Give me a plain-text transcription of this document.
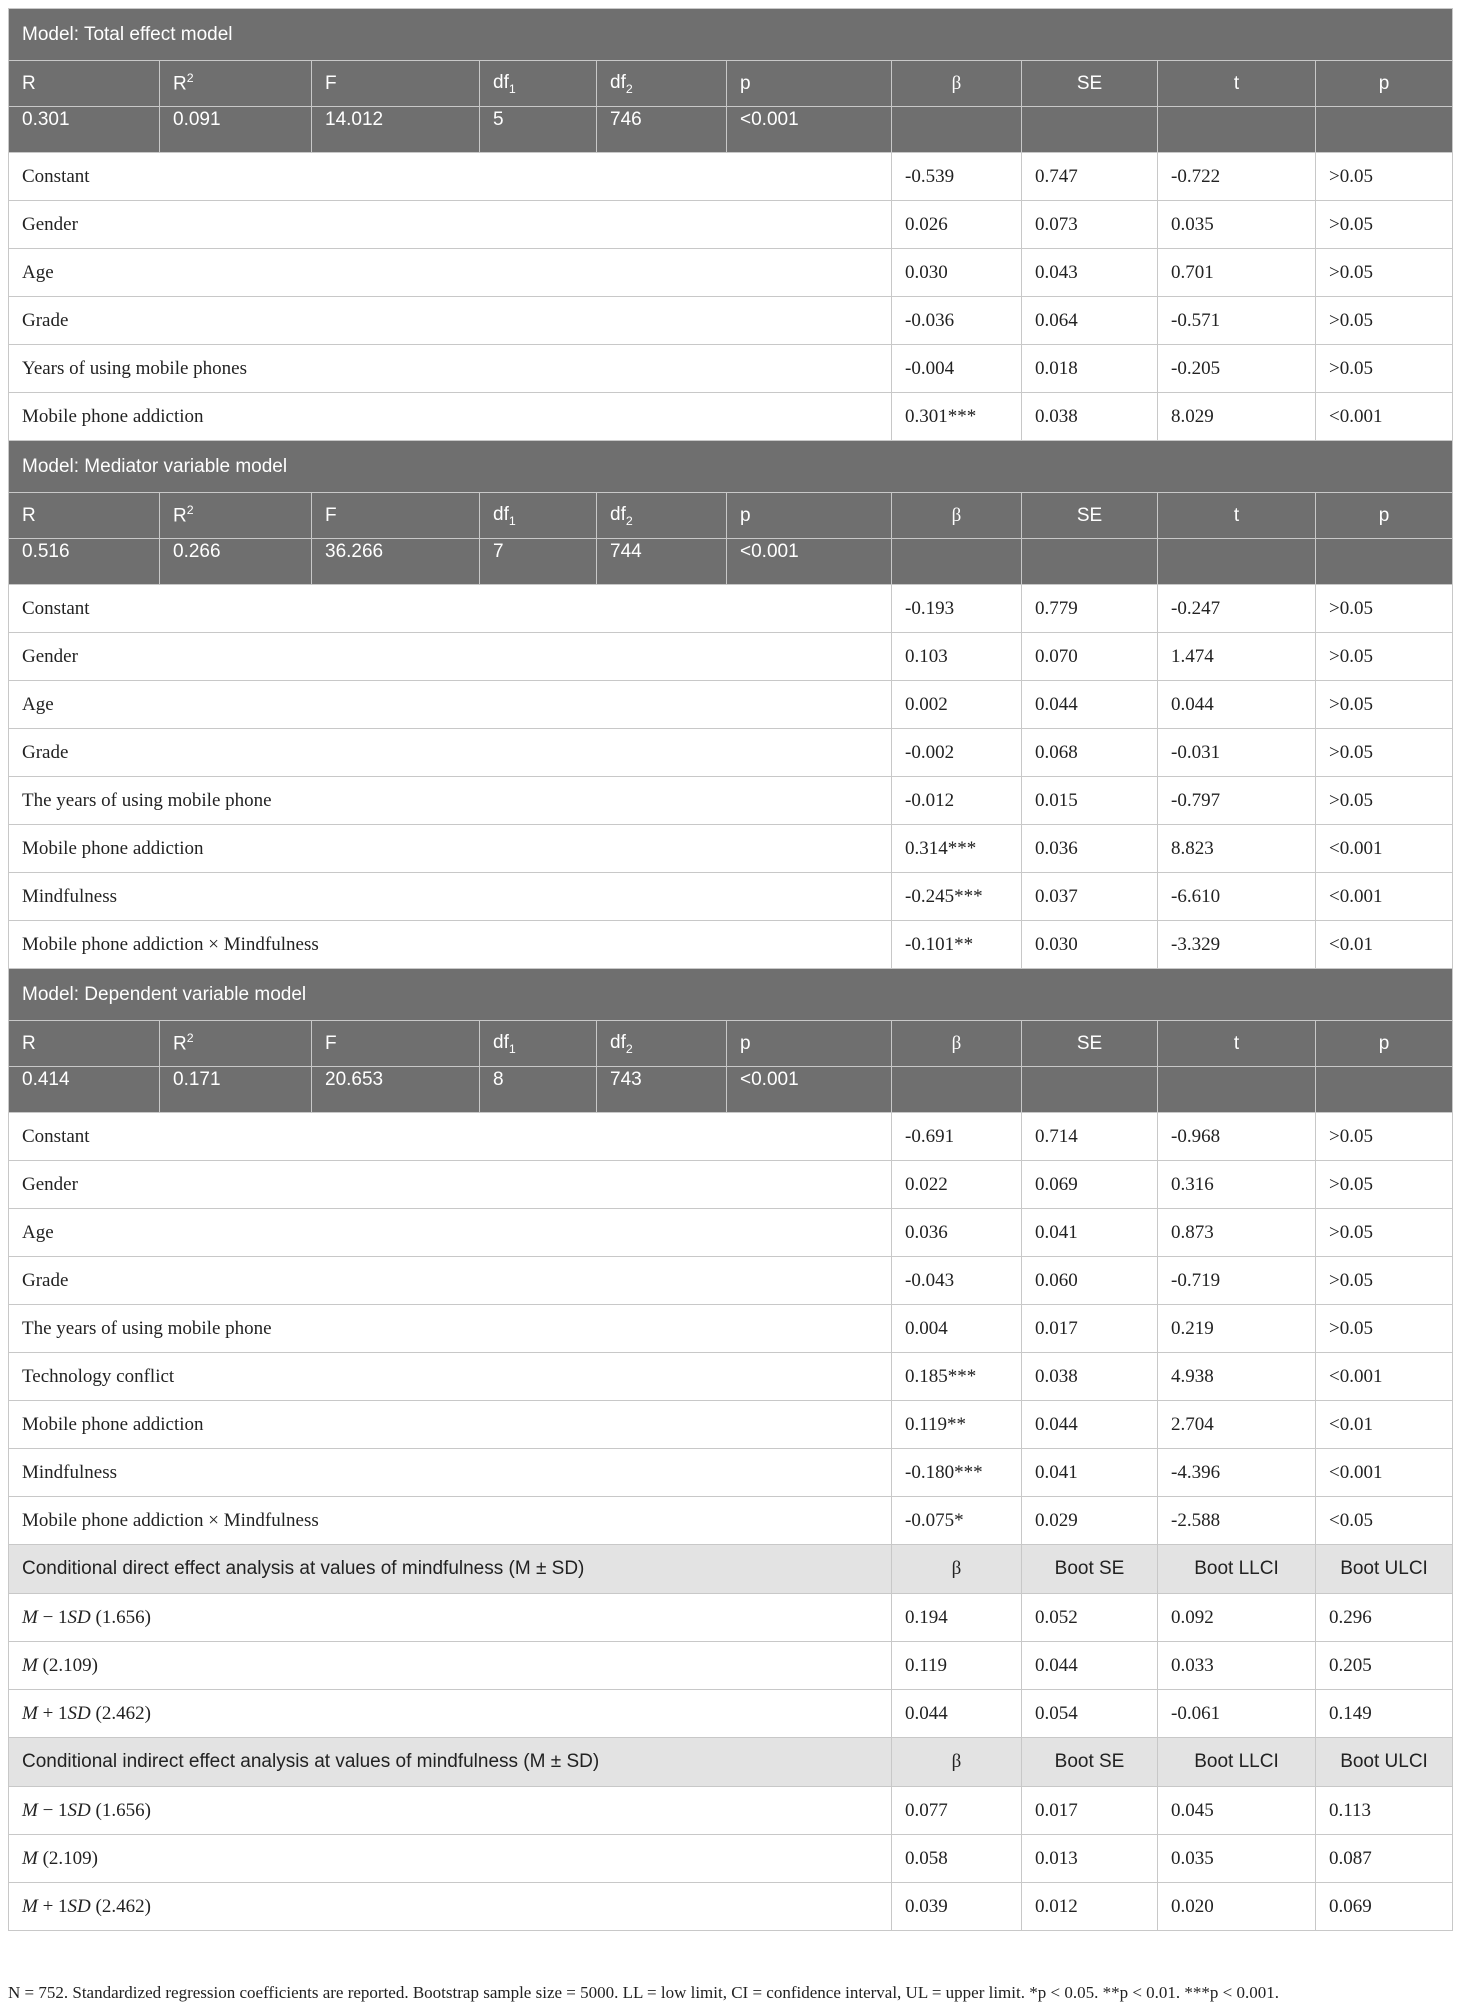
Model: Total effect model									
R	$R^2$	F	$df_1$	$df_2$	p	β	SE	t	p
0.301	0.091	14.012	5	746	<0.001				
Constant						-0.539	0.747	-0.722	>0.05
Gender						0.026	0.073	0.035	>0.05
Age						0.030	0.043	0.701	>0.05
Grade						-0.036	0.064	-0.571	>0.05
Years of using mobile phones						-0.004	0.018	-0.205	>0.05
Mobile phone addiction						0.301***	0.038	8.029	<0.001
Model: Mediator variable model									
R	$R^2$	F	$df_1$	$df_2$	p	β	SE	t	p
0.516	0.266	36.266	7	744	<0.001				
Constant						-0.193	0.779	-0.247	>0.05
Gender						0.103	0.070	1.474	>0.05
Age						0.002	0.044	0.044	>0.05
Grade						-0.002	0.068	-0.031	>0.05
The years of using mobile phone						-0.012	0.015	-0.797	>0.05
Mobile phone addiction						0.314***	0.036	8.823	<0.001
Mindfulness						-0.245***	0.037	-6.610	<0.001
Mobile phone addiction × Mindfulness						-0.101**	0.030	-3.329	<0.01
Model: Dependent variable model									
R	$R^2$	F	$df_1$	$df_2$	p	β	SE	t	p
0.414	0.171	20.653	8	743	<0.001				
Constant						-0.691	0.714	-0.968	>0.05
Gender						0.022	0.069	0.316	>0.05
Age						0.036	0.041	0.873	>0.05
Grade						-0.043	0.060	-0.719	>0.05
The years of using mobile phone						0.004	0.017	0.219	>0.05
Technology conflict						0.185***	0.038	4.938	<0.001
Mobile phone addiction						0.119**	0.044	2.704	<0.01
Mindfulness						-0.180***	0.041	-4.396	<0.001
Mobile phone addiction × Mindfulness						-0.075*	0.029	-2.588	<0.05
Conditional direct effect analysis at values of mindfulness (M ± SD)						β	Boot SE	Boot LLCI	Boot ULCI
M − 1SD (1.656)						0.194	0.052	0.092	0.296
M (2.109)						0.119	0.044	0.033	0.205
M + 1SD (2.462)						0.044	0.054	-0.061	0.149
Conditional indirect effect analysis at values of mindfulness (M ± SD)						β	Boot SE	Boot LLCI	Boot ULCI
M − 1SD (1.656)						0.077	0.017	0.045	0.113
M (2.109)						0.058	0.013	0.035	0.087
M + 1SD (2.462)						0.039	0.012	0.020	0.069
N = 752. Standardized regression coefficients are reported. Bootstrap sample size = 5000. LL = low limit, CI = confidence interval, UL = upper limit. *p < 0.05. **p < 0.01. ***p < 0.001.
